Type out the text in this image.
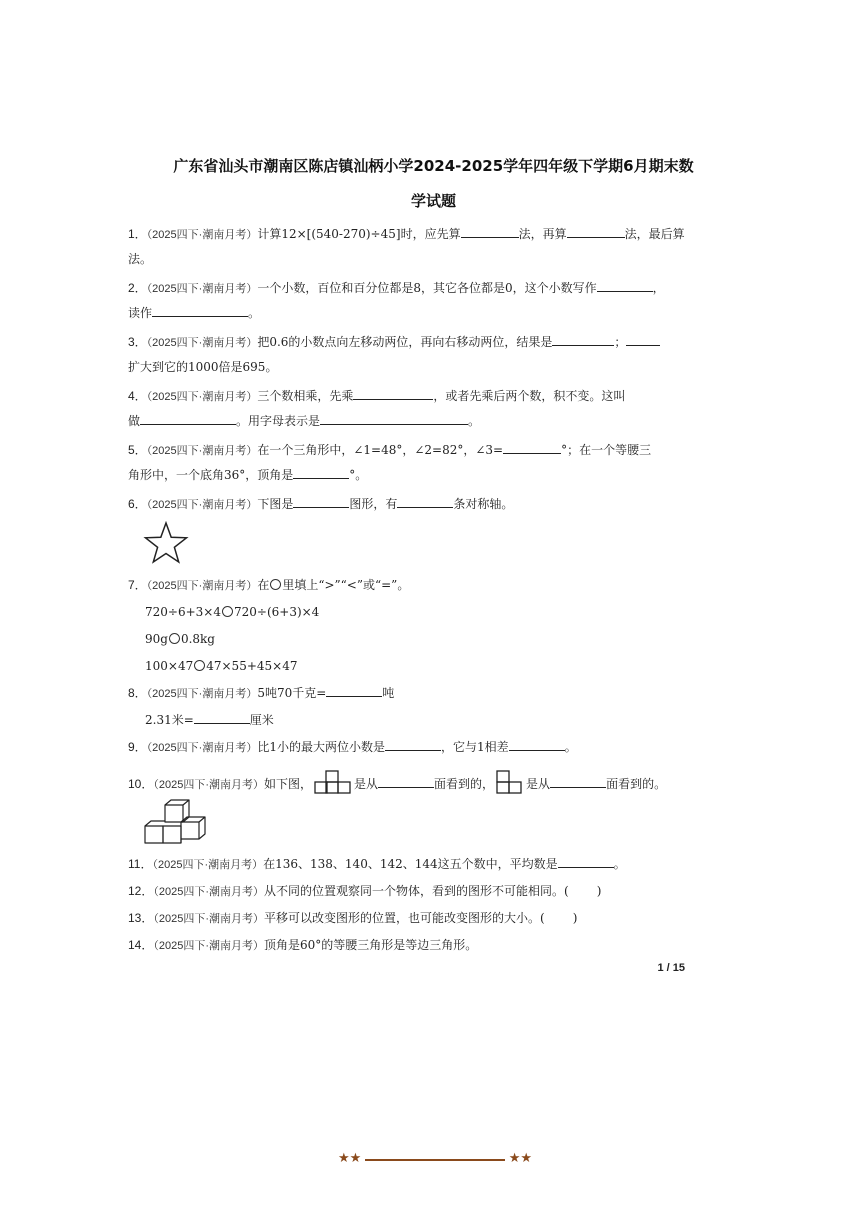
广东省汕头市潮南区陈店镇汕柄小学2024-2025学年四年级下学期6月期末数
学试题
1．（2025四下·潮南月考）计算12×[(540-270)÷45]时，应先算	法，再算	法，最后算
法。
2．（2025四下·潮南月考）一个小数，百位和百分位都是8，其它各位都是0，这个小数写作	，
读作	。
3．（2025四下·潮南月考）把0.6的小数点向左移动两位，再向右移动两位，结果是	；
扩大到它的1000倍是695。
4．（2025四下·潮南月考）三个数相乘，先乘	，或者先乘后两个数，积不变。这叫
做	。用字母表示是	。
5．（2025四下·潮南月考）在一个三角形中，∠1=48°，∠2=82°，∠3=	°；在一个等腰三
角形中，一个底角36°，顶角是	°。
6．（2025四下·潮南月考）下图是	图形，有	条对称轴。
7．（2025四下·潮南月考）在 里填上“>”“<”或“=”。
720÷6+3×4 720÷(6+3)×4
90g 0.8kg
100×47 47×55+45×47
8．（2025四下·潮南月考）5吨70千克=	吨
2.31米=	厘米
9．（2025四下·潮南月考）比1小的最大两位小数是	，它与1相差	。
10．（2025四下·潮南月考）如下图，	是从	面看到的，	是从	面看到的。
11．（2025四下·潮南月考）在136、138、140、142、144这五个数中，平均数是	。
12．（2025四下·潮南月考）从不同的位置观察同一个物体，看到的图形不可能相同。( )
13．（2025四下·潮南月考）平移可以改变图形的位置，也可能改变图形的大小。( )
14．（2025四下·潮南月考）顶角是60°的等腰三角形是等边三角形。
1 / 15
★★	★★
